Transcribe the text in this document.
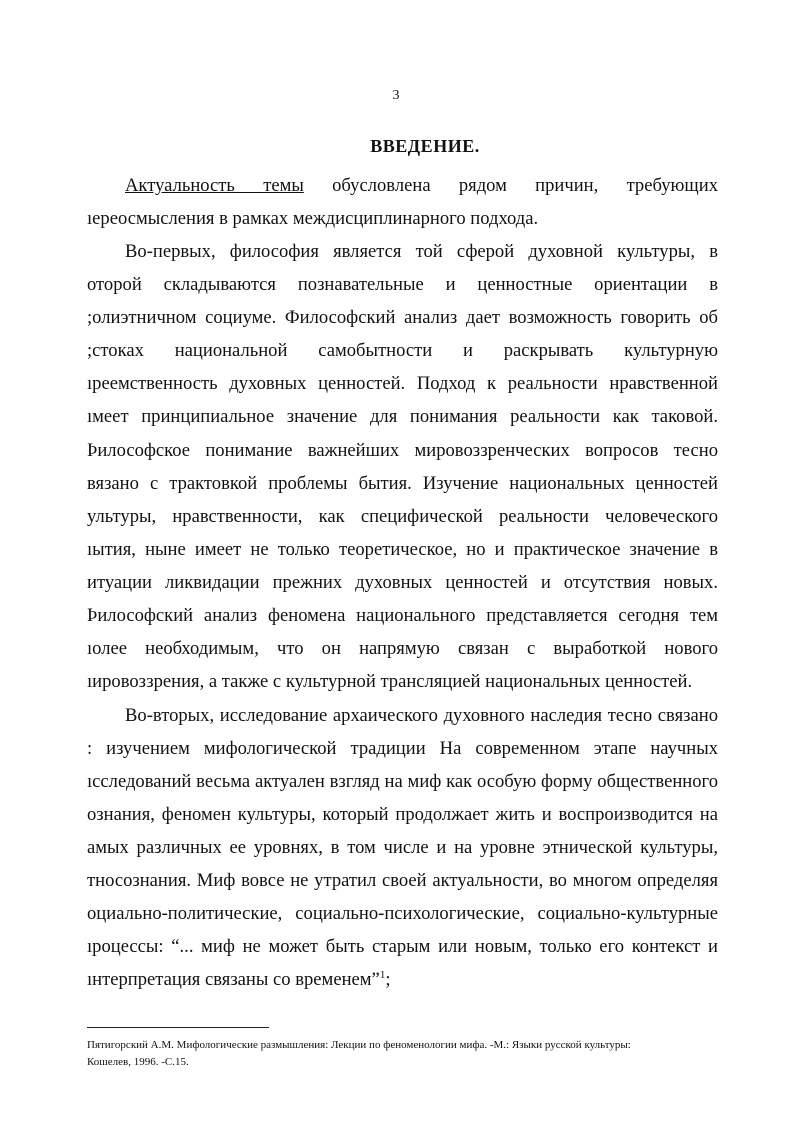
3
ВВЕДЕНИЕ.
Актуальность темы обусловлена рядом причин, требующих
ıереосмысления в рамках междисциплинарного подхода.
Во-первых, философия является той сферой духовной культуры, в
оторой складываются познавательные и ценностные ориентации в
;олиэтничном социуме. Философский анализ дает возможность говорить об
;стоках национальной самобытности и раскрывать культурную
ıреемственность духовных ценностей. Подход к реальности нравственной
ıмеет принципиальное значение для понимания реальности как таковой.
Þилософское понимание важнейших мировоззренческих вопросов тесно
вязано с трактовкой проблемы бытия. Изучение национальных ценностей
ультуры, нравственности, как специфической реальности человеческого
ıытия, ныне имеет не только теоретическое, но и практическое значение в
итуации ликвидации прежних духовных ценностей и отсутствия новых.
Þилософский анализ феномена национального представляется сегодня тем
ıолее необходимым, что он напрямую связан с выработкой нового
ıировоззрения, а также с культурной трансляцией национальных ценностей.
Во-вторых, исследование архаического духовного наследия тесно связано
: изучением мифологической традиции На современном этапе научных
ıсследований весьма актуален взгляд на миф как особую форму общественного
ознания, феномен культуры, который продолжает жить и воспроизводится на
амых различных ее уровнях, в том числе и на уровне этнической культуры,
тносознания. Миф вовсе не утратил своей актуальности, во многом определяя
оциально-политические, социально-психологические, социально-культурные
ıроцессы: “... миф не может быть старым или новым, только его контекст и
ıнтерпретация связаны со временем”$^1$;
Пятигорский А.М. Мифологические размышления: Лекции по феноменологии мифа. -М.: Языки русской культуры:
Кошелев, 1996. -С.15.
